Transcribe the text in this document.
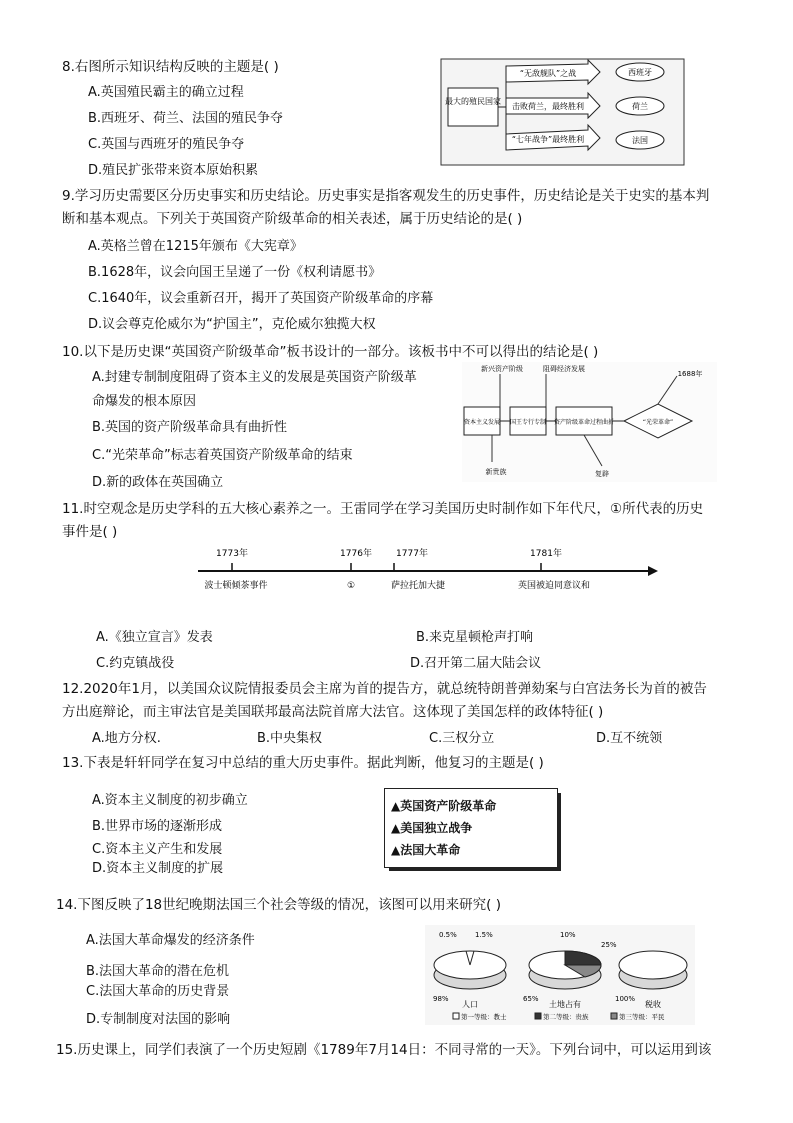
8.右图所示知识结构反映的主题是( )
A.英国殖民霸主的确立过程
B.西班牙、荷兰、法国的殖民争夺
C.英国与西班牙的殖民争夺
D.殖民扩张带来资本原始积累
最大的殖民国家
“无敌舰队”之战
击败荷兰，最终胜利
“七年战争”最终胜利
西班牙
荷兰
法国
9.学习历史需要区分历史事实和历史结论。历史事实是指客观发生的历史事件，历史结论是关于史实的基本判
断和基本观点。下列关于英国资产阶级革命的相关表述，属于历史结论的是( )
A.英格兰曾在1215年颁布《大宪章》
B.1628年，议会向国王呈递了一份《权利请愿书》
C.1640年，议会重新召开，揭开了英国资产阶级革命的序幕
D.议会尊克伦威尔为“护国主”，克伦威尔独揽大权
10.以下是历史课“英国资产阶级革命”板书设计的一部分。该板书中不可以得出的结论是( )
A.封建专制制度阻碍了资本主义的发展是英国资产阶级革
命爆发的根本原因
B.英国的资产阶级革命具有曲折性
C.“光荣革命”标志着英国资产阶级革命的结束
D.新的政体在英国确立
新兴资产阶级	阻碍经济发展
资本主义发展 国王专行专制 资产阶级革命过程曲折	“光荣革命”
1688年
新贵族	复辟
11.时空观念是历史学科的五大核心素养之一。王雷同学在学习美国历史时制作如下年代尺，①所代表的历史
事件是( )
1773年
波士顿倾茶事件
1776年
①
1777年
萨拉托加大捷
1781年
英国被迫同意议和
A.《独立宣言》发表	B.来克星顿枪声打响
C.约克镇战役	D.召开第二届大陆会议
12.2020年1月，以美国众议院情报委员会主席为首的提告方，就总统特朗普弹劾案与白宫法务长为首的被告
方出庭辩论，而主审法官是美国联邦最高法院首席大法官。这体现了美国怎样的政体特征( )
A.地方分权.	B.中央集权	C.三权分立	D.互不统领
13.下表是轩轩同学在复习中总结的重大历史事件。据此判断，他复习的主题是( )
A.资本主义制度的初步确立
B.世界市场的逐渐形成
C.资本主义产生和发展
D.资本主义制度的扩展
▲英国资产阶级革命
▲美国独立战争
▲法国大革命
14.下图反映了18世纪晚期法国三个社会等级的情况，该图可以用来研究( )
A.法国大革命爆发的经济条件
B.法国大革命的潜在危机
C.法国大革命的历史背景
D.专制制度对法国的影响
人口
0.5%	1.5%
98%
土地占有
10%
25%
65%
税收
100%
第一等级：教士	第二等级：贵族	第三等级：平民
15.历史课上，同学们表演了一个历史短剧《1789年7月14日：不同寻常的一天》。下列台词中，可以运用到该
